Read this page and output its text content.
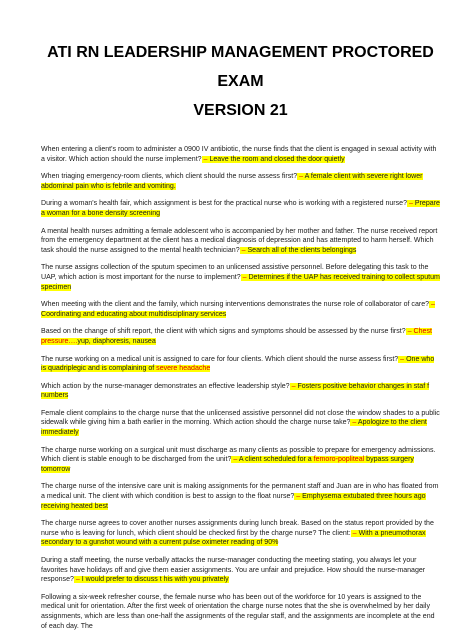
ATI RN LEADERSHIP MANAGEMENT PROCTORED EXAM
VERSION 21

When entering a client's room to administer a 0900 IV antibiotic, the nurse finds that the client is engaged in sexual activity with a visitor. Which action should the nurse implement? – Leave the room and closed the door quietly

When triaging emergency-room clients, which client should the nurse assess first? – A female client with severe right lower abdominal pain who is febrile and vomiting.

During a woman's health fair, which assignment is best for the practical nurse who is working with a registered nurse? – Prepare a woman for a bone density screening

A mental health nurses admitting a female adolescent who is accompanied by her mother and father. The nurse received report from the emergency department at the client has a medical diagnosis of depression and has attempted to harm herself. Which task should the nurse assigned to the mental health technician? – Search all of the clients belongings

The nurse assigns collection of the sputum specimen to an unlicensed assistive personnel. Before delegating this task to the UAP, which action is most important for the nurse to implement? – Determines if the UAP has received training to collect sputum specimen

When meeting with the client and the family, which nursing interventions demonstrates the nurse role of collaborator of care? – Coordinating and educating about multidisciplinary services

Based on the change of shift report, the client with which signs and symptoms should be assessed by the nurse first? – Chest pressure….yup, diaphoresis, nausea

The nurse working on a medical unit is assigned to care for four clients. Which client should the nurse assess first? – One who is quadriplegic and is complaining of severe headache

Which action by the nurse-manager demonstrates an effective leadership style? – Fosters positive behavior changes in staf f numbers

Female client complains to the charge nurse that the unlicensed assistive personnel did not close the window shades to a public sidewalk while giving him a bath earlier in the morning. Which action should the charge nurse take? – Apologize to the client immediately

The charge nurse working on a surgical unit must discharge as many clients as possible to prepare for emergency admissions. Which client is stable enough to be discharged from the unit? – A client scheduled for a femoro-popliteal bypass surgery tomorrow

The charge nurse of the intensive care unit is making assignments for the permanent staff and Juan are in who has floated from a medical unit. The client with which condition is best to assign to the float nurse? – Emphysema extubated three hours ago receiving heated best

The charge nurse agrees to cover another nurses assignments during lunch break. Based on the status report provided by the nurse who is leaving for lunch, which client should be checked first by the charge nurse? The client: – With a pneumothorax secondary to a gunshot wound with a current pulse oximeter reading of 90%

During a staff meeting, the nurse verbally attacks the nurse-manager conducting the meeting stating, you always let your favorites have holidays off and give them easier assignments. You are unfair and prejudice. How should the nurse-manager response? – I would prefer to discuss t his with you privately

Following a six-week refresher course, the female nurse who has been out of the workforce for 10 years is assigned to the medical unit for orientation. After the first week of orientation the charge nurse notes that the she is overwhelmed by her daily assignments, which are less than one-half the assignments of the regular staff, and the assignments are incomplete at the end of each day. The
